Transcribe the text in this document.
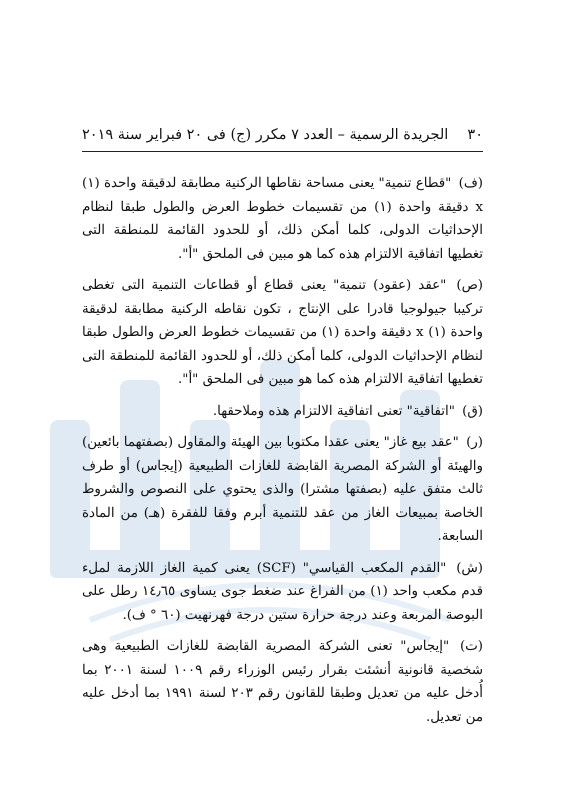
٣٠
الجريدة الرسمية – العدد ٧ مكرر (ج) فى ٢٠ فبراير سنة ٢٠١٩

(ف) "قطاع تنمية" يعنى مساحة نقاطها الركنية مطابقة لدقيقة واحدة (١) x دقيقة واحدة (١) من تقسيمات خطوط العرض والطول طبقا لنظام الإحداثيات الدولى، كلما أمكن ذلك، أو للحدود القائمة للمنطقة التى تغطيها اتفاقية الالتزام هذه كما هو مبين فى الملحق "أ".

(ص) "عقد (عقود) تنمية" يعنى قطاع أو قطاعات التنمية التى تغطى تركيبا جيولوجيا قادرا على الإنتاج ، تكون نقاطه الركنية مطابقة لدقيقة واحدة (١) x دقيقة واحدة (١) من تقسيمات خطوط العرض والطول طبقا لنظام الإحداثيات الدولى، كلما أمكن ذلك، أو للحدود القائمة للمنطقة التى تغطيها اتفاقية الالتزام هذه كما هو مبين فى الملحق "أ".

(ق) "اتفاقية" تعنى اتفاقية الالتزام هذه وملاحقها.

(ر) "عقد بيع غاز" يعنى عقدا مكتوبا بين الهيئة والمقاول (بصفتهما بائعين) والهيئة أو الشركة المصرية القابضة للغازات الطبيعية (إيجاس) أو طرف ثالث متفق عليه (بصفتها مشترا) والذى يحتوي على النصوص والشروط الخاصة بمبيعات الغاز من عقد للتنمية أبرم وفقا للفقرة (هـ) من المادة السابعة.

(ش) "القدم المكعب القياسي" (SCF) يعنى كمية الغاز اللازمة لملء قدم مكعب واحد (١) من الفراغ عند ضغط جوى يساوى ١٤٫٦٥ رطل على البوصة المربعة وعند درجة حرارة ستين درجة فهرنهيت (٦٠ ° ف).

(ت) "إيجاس" تعنى الشركة المصرية القابضة للغازات الطبيعية وهى شخصية قانونية أنشئت بقرار رئيس الوزراء رقم ١٠٠٩ لسنة ٢٠٠١ بما أُدخل عليه من تعديل وطبقا للقانون رقم ٢٠٣ لسنة ١٩٩١ بما أدخل عليه من تعديل.
